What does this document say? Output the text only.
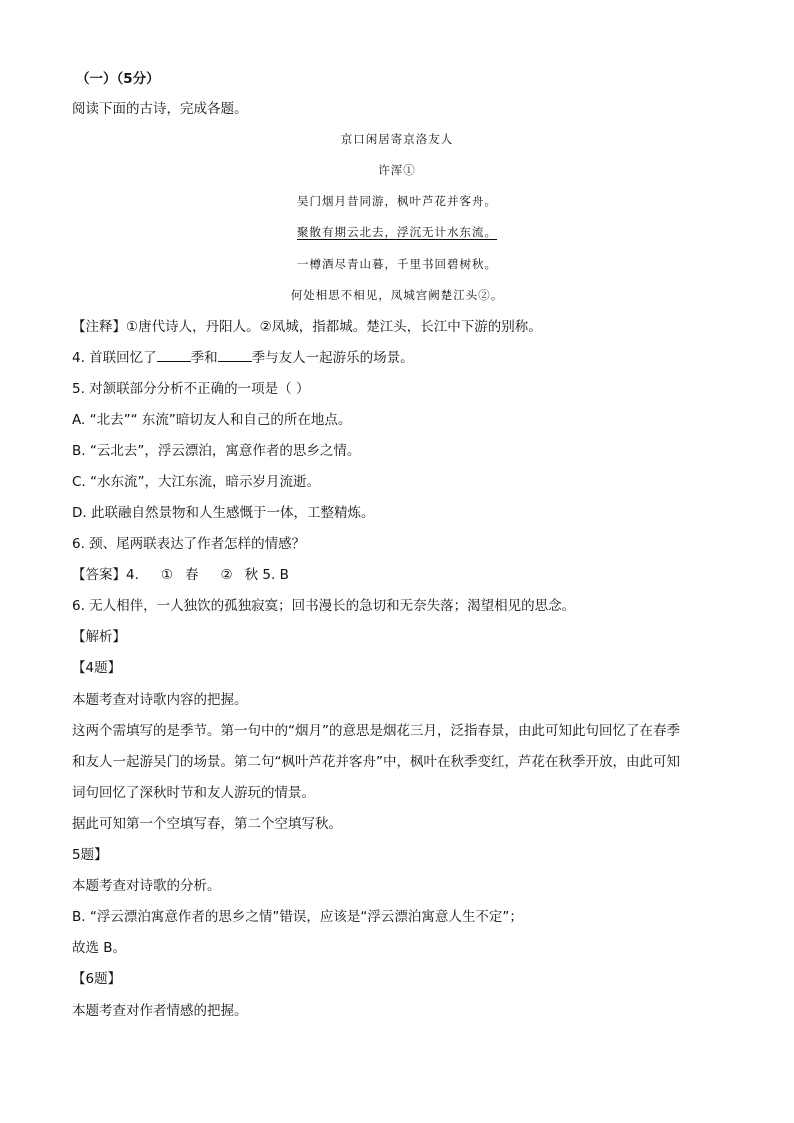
（一）（5分）
阅读下面的古诗，完成各题。
京口闲居寄京洛友人
许浑①
吴门烟月昔同游，枫叶芦花并客舟。
聚散有期云北去，浮沉无计水东流。
一樽酒尽青山暮，千里书回碧树秋。
何处相思不相见，凤城宫阙楚江头②。
【注释】①唐代诗人，丹阳人。②凤城，指都城。楚江头，长江中下游的别称。
4. 首联回忆了	季和	季与友人一起游乐的场景。
5. 对颔联部分分析不正确的一项是（ ）
A. “北去”“ 东流”暗切友人和自己的所在地点。
B. “云北去”，浮云漂泊，寓意作者的思乡之情。
C. “水东流”，大江东流，暗示岁月流逝。
D. 此联融自然景物和人生感慨于一体，工整精炼。
6. 颈、尾两联表达了作者怎样的情感？
【答案】4. ① 春 ② 秋 5. B
6. 无人相伴，一人独饮的孤独寂寞；回书漫长的急切和无奈失落；渴望相见的思念。
【解析】
【4题】
本题考查对诗歌内容的把握。
这两个需填写的是季节。第一句中的“烟月”的意思是烟花三月，泛指春景，由此可知此句回忆了在春季
和友人一起游吴门的场景。第二句“枫叶芦花并客舟”中，枫叶在秋季变红，芦花在秋季开放，由此可知
词句回忆了深秋时节和友人游玩的情景。
据此可知第一个空填写春，第二个空填写秋。
5题】
本题考查对诗歌的分析。
B. “浮云漂泊寓意作者的思乡之情”错误，应该是“浮云漂泊寓意人生不定”；
故选 B。
【6题】
本题考查对作者情感的把握。
